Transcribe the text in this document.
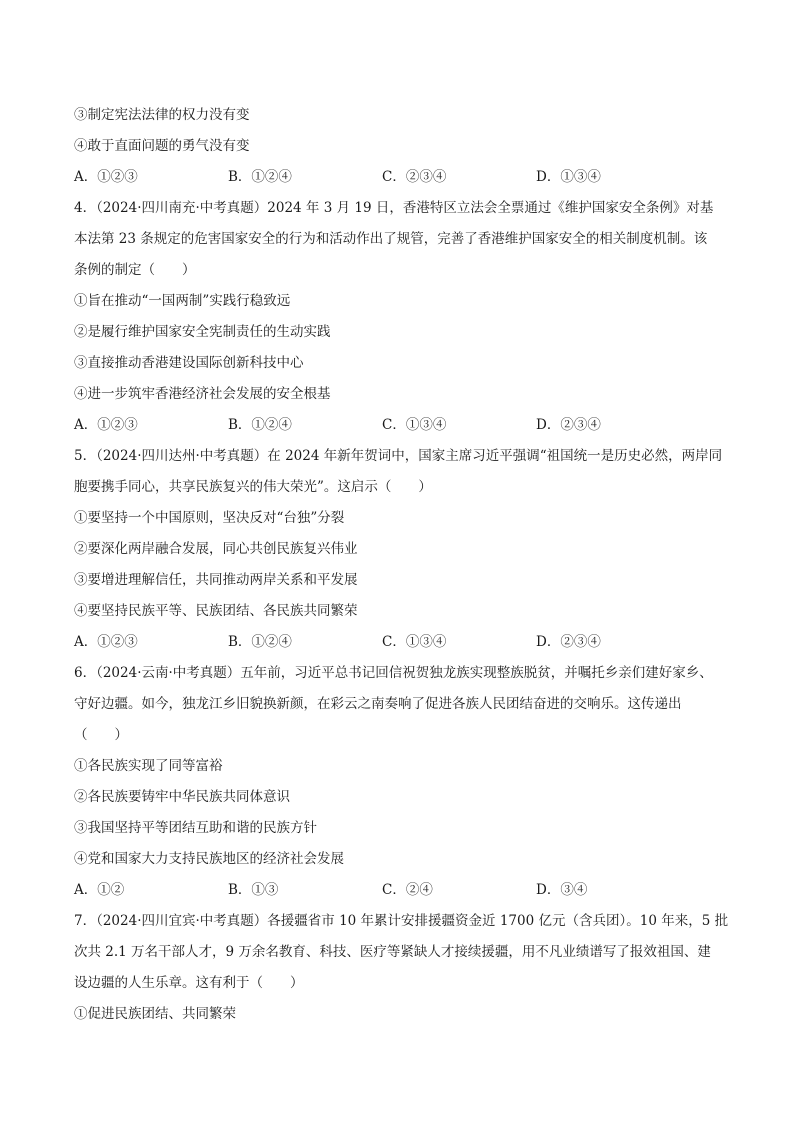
③制定宪法法律的权力没有变
④敢于直面问题的勇气没有变
A．①②③	B．①②④	C．②③④	D．①③④
4．（2024·四川南充·中考真题）2024 年 3 月 19 日，香港特区立法会全票通过《维护国家安全条例》对基
本法第 23 条规定的危害国家安全的行为和活动作出了规管，完善了香港维护国家安全的相关制度机制。该
条例的制定（　　）
①旨在推动“一国两制”实践行稳致远
②是履行维护国家安全宪制责任的生动实践
③直接推动香港建设国际创新科技中心
④进一步筑牢香港经济社会发展的安全根基
A．①②③	B．①②④	C．①③④	D．②③④
5．（2024·四川达州·中考真题）在 2024 年新年贺词中，国家主席习近平强调“祖国统一是历史必然，两岸同
胞要携手同心，共享民族复兴的伟大荣光”。这启示（　　）
①要坚持一个中国原则，坚决反对“台独”分裂
②要深化两岸融合发展，同心共创民族复兴伟业
③要增进理解信任，共同推动两岸关系和平发展
④要坚持民族平等、民族团结、各民族共同繁荣
A．①②③	B．①②④	C．①③④	D．②③④
6．（2024·云南·中考真题）五年前，习近平总书记回信祝贺独龙族实现整族脱贫，并嘱托乡亲们建好家乡、
守好边疆。如今，独龙江乡旧貌换新颜，在彩云之南奏响了促进各族人民团结奋进的交响乐。这传递出
（　　）
①各民族实现了同等富裕
②各民族要铸牢中华民族共同体意识
③我国坚持平等团结互助和谐的民族方针
④党和国家大力支持民族地区的经济社会发展
A．①②	B．①③	C．②④	D．③④
7．（2024·四川宜宾·中考真题）各援疆省市 10 年累计安排援疆资金近 1700 亿元（含兵团）。10 年来，5 批
次共 2.1 万名干部人才，9 万余名教育、科技、医疗等紧缺人才接续援疆，用不凡业绩谱写了报效祖国、建
设边疆的人生乐章。这有利于（　　）
①促进民族团结、共同繁荣
